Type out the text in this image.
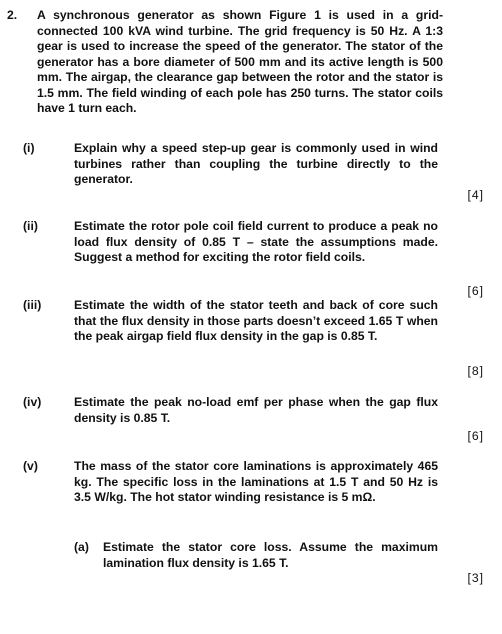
2. A synchronous generator as shown Figure 1 is used in a grid-connected 100 kVA wind turbine. The grid frequency is 50 Hz. A 1:3 gear is used to increase the speed of the generator. The stator of the generator has a bore diameter of 500 mm and its active length is 500 mm. The airgap, the clearance gap between the rotor and the stator is 1.5 mm. The field winding of each pole has 250 turns. The stator coils have 1 turn each.
(i)	Explain why a speed step-up gear is commonly used in wind turbines rather than coupling the turbine directly to the generator.
[4]
(ii)	Estimate the rotor pole coil field current to produce a peak no load flux density of 0.85 T – state the assumptions made. Suggest a method for exciting the rotor field coils.
[6]
(iii)	Estimate the width of the stator teeth and back of core such that the flux density in those parts doesn’t exceed 1.65 T when the peak airgap field flux density in the gap is 0.85 T.
[8]
(iv)	Estimate the peak no-load emf per phase when the gap flux density is 0.85 T.
[6]
(v)	The mass of the stator core laminations is approximately 465 kg. The specific loss in the laminations at 1.5 T and 50 Hz is 3.5 W/kg. The hot stator winding resistance is 5 mΩ.
(a) Estimate the stator core loss. Assume the maximum lamination flux density is 1.65 T.
[3]
